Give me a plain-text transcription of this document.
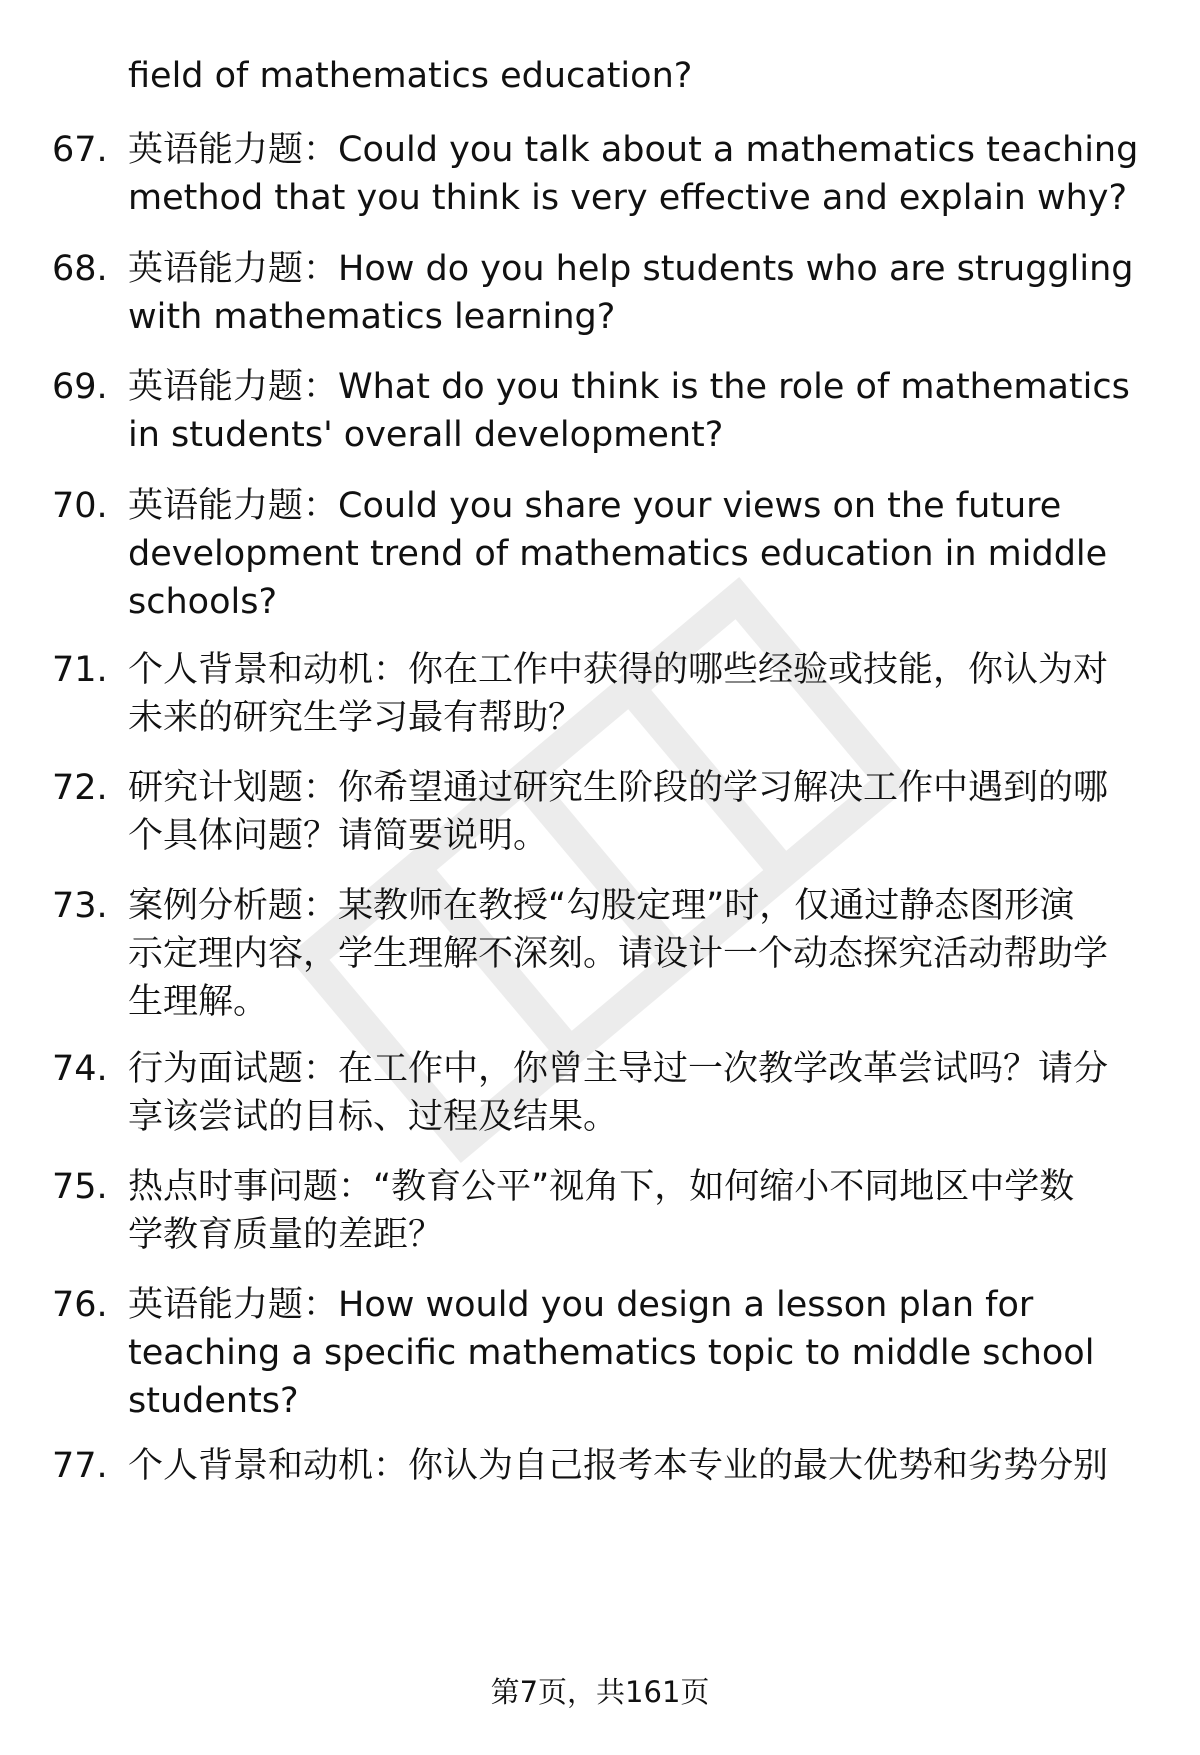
field of mathematics education?
67. 英语能力题：Could you talk about a mathematics teaching
method that you think is very effective and explain why?
68. 英语能力题：How do you help students who are struggling
with mathematics learning?
69. 英语能力题：What do you think is the role of mathematics
in students' overall development?
70. 英语能力题：Could you share your views on the future
development trend of mathematics education in middle
schools?
71. 个人背景和动机：你在工作中获得的哪些经验或技能，你认为对
未来的研究生学习最有帮助？
72. 研究计划题：你希望通过研究生阶段的学习解决工作中遇到的哪
个具体问题？请简要说明。
73. 案例分析题：某教师在教授“勾股定理”时，仅通过静态图形演
示定理内容，学生理解不深刻。请设计一个动态探究活动帮助学
生理解。
74. 行为面试题：在工作中，你曾主导过一次教学改革尝试吗？请分
享该尝试的目标、过程及结果。
75. 热点时事问题：“教育公平”视角下，如何缩小不同地区中学数
学教育质量的差距？
76. 英语能力题：How would you design a lesson plan for
teaching a specific mathematics topic to middle school
students?
77. 个人背景和动机：你认为自己报考本专业的最大优势和劣势分别
第7页，共161页
